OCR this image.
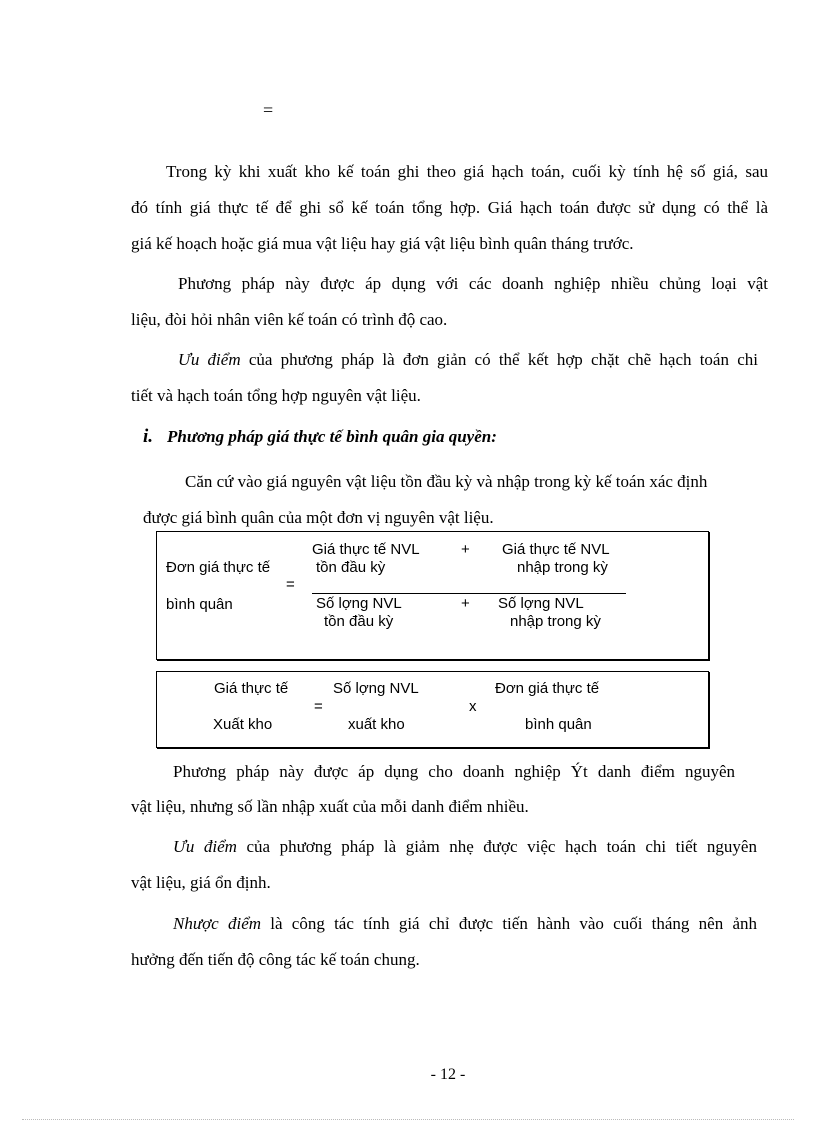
=
Trong kỳ khi xuất kho kế toán ghi theo giá hạch toán, cuối kỳ tính hệ số giá, sau
đó tính giá thực tế để ghi sổ kế toán tổng hợp. Giá hạch toán được sử dụng có thể là
giá kế hoạch hoặc giá mua vật liệu hay giá vật liệu bình quân tháng trước.
Phương pháp này được áp dụng với các doanh nghiệp nhiều chủng loại vật
liệu, đòi hỏi nhân viên kế toán có trình độ cao.
Ưu điểm của phương pháp là đơn giản có thể kết hợp chặt chẽ hạch toán chi
tiết và hạch toán tổng hợp nguyên vật liệu.
i. Phương pháp giá thực tế bình quân gia quyền:
Căn cứ vào giá nguyên vật liệu tồn đầu kỳ và nhập trong kỳ kế toán xác định
được giá bình quân của một đơn vị nguyên vật liệu.
Đơn giá thực tế
bình quân
=
Giá thực tế NVL
tồn đầu kỳ
+ Giá thực tế NVL
nhập trong kỳ
Số lợng NVL
tồn đầu kỳ
+ Số lợng NVL
nhập trong kỳ
Giá thực tế
Xuất kho
=
Số lợng NVL
xuất kho
x
Đơn giá thực tế
bình quân
Phương pháp này được áp dụng cho doanh nghiệp Ýt danh điểm nguyên
vật liệu, nhưng số lần nhập xuất của mỗi danh điểm nhiều.
Ưu điểm của phương pháp là giảm nhẹ được việc hạch toán chi tiết nguyên
vật liệu, giá ổn định.
Nhược điểm là công tác tính giá chỉ được tiến hành vào cuối tháng nên ảnh
hưởng đến tiến độ công tác kế toán chung.
- 12 -
